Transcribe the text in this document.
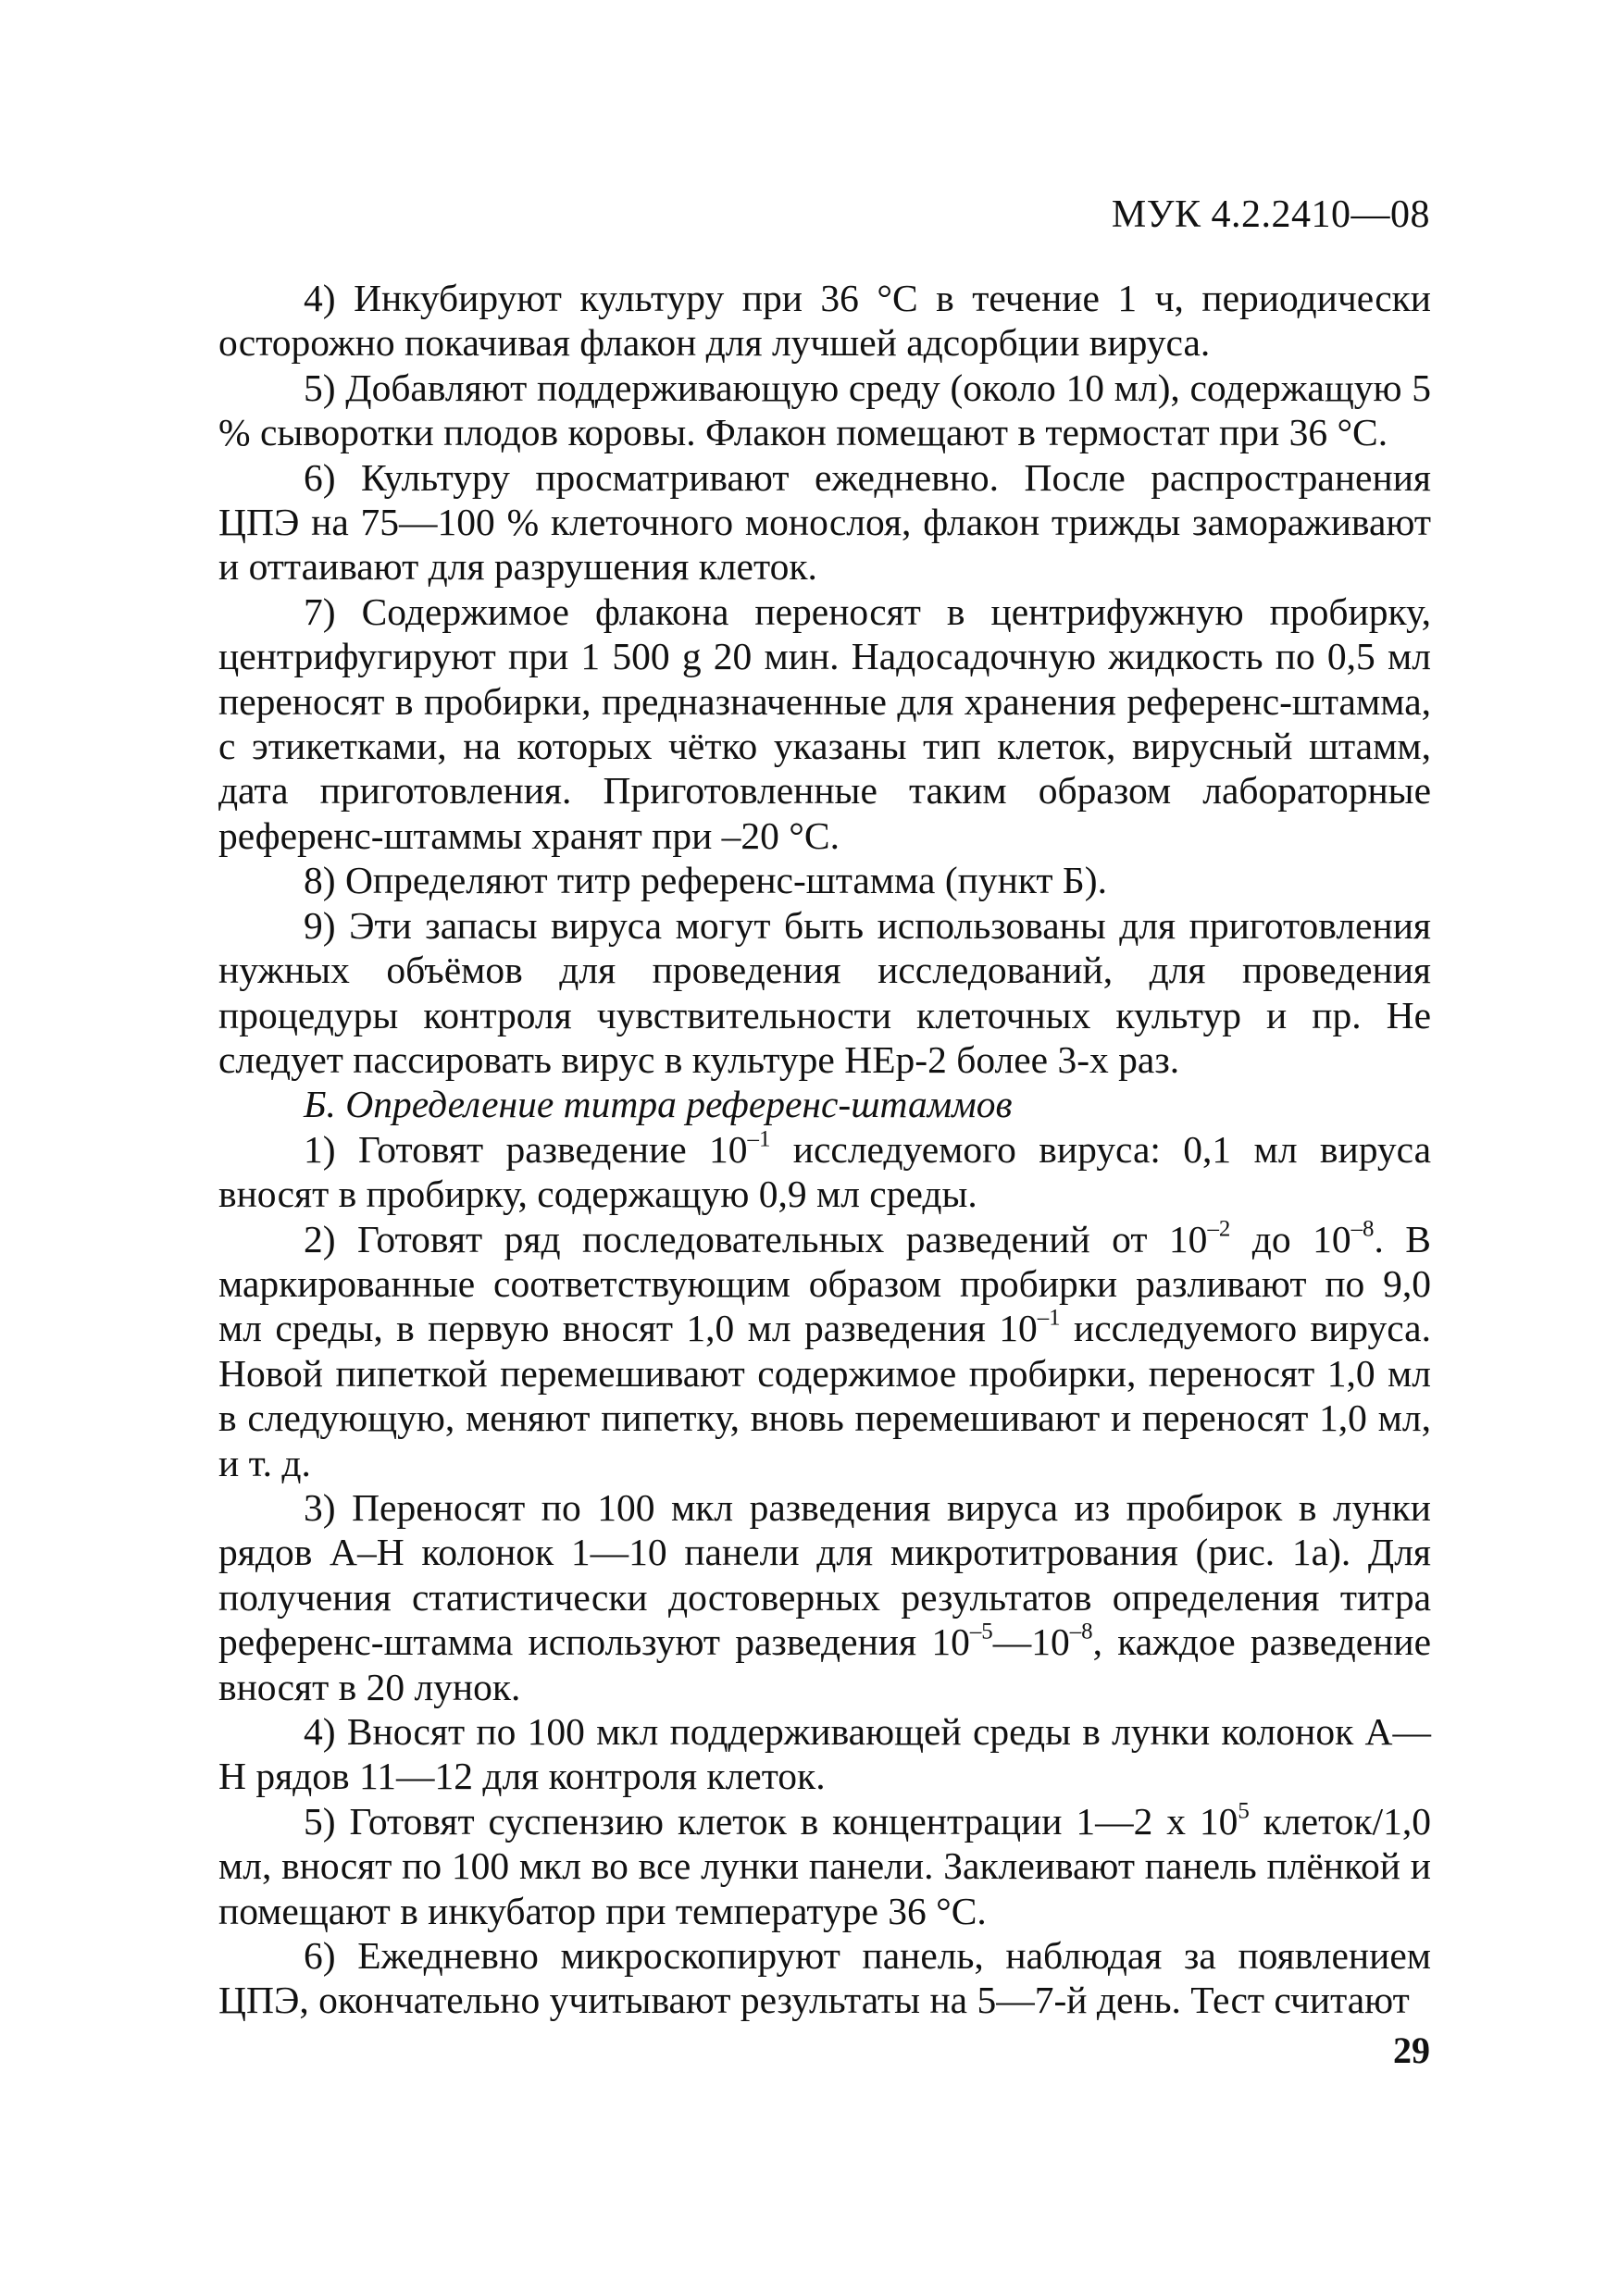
МУК 4.2.2410—08

4) Инкубируют культуру при 36 °С в течение 1 ч, периодически осторожно покачивая флакон для лучшей адсорбции вируса.

5) Добавляют поддерживающую среду (около 10 мл), содержащую 5 % сыворотки плодов коровы. Флакон помещают в термостат при 36 °С.

6) Культуру просматривают ежедневно. После распространения ЦПЭ на 75—100 % клеточного монослоя, флакон трижды замораживают и оттаивают для разрушения клеток.

7) Содержимое флакона переносят в центрифужную пробирку, центрифугируют при 1 500 g 20 мин. Надосадочную жидкость по 0,5 мл переносят в пробирки, предназначенные для хранения референс-штамма, с этикетками, на которых чётко указаны тип клеток, вирусный штамм, дата приготовления. Приготовленные таким образом лабораторные референс-штаммы хранят при –20 °С.

8) Определяют титр референс-штамма (пункт Б).

9) Эти запасы вируса могут быть использованы для приготовления нужных объёмов для проведения исследований, для проведения процедуры контроля чувствительности клеточных культур и пр. Не следует пассировать вирус в культуре НЕр-2 более 3-х раз.

Б. Определение титра референс-штаммов

1) Готовят разведение $10^{-1}$ исследуемого вируса: 0,1 мл вируса вносят в пробирку, содержащую 0,9 мл среды.

2) Готовят ряд последовательных разведений от $10^{-2}$ до $10^{-8}$. В маркированные соответствующим образом пробирки разливают по 9,0 мл среды, в первую вносят 1,0 мл разведения $10^{-1}$ исследуемого вируса. Новой пипеткой перемешивают содержимое пробирки, переносят 1,0 мл в следующую, меняют пипетку, вновь перемешивают и переносят 1,0 мл, и т. д.

3) Переносят по 100 мкл разведения вируса из пробирок в лунки рядов А–Н колонок 1—10 панели для микротитрования (рис. 1а). Для получения статистически достоверных результатов определения титра референс-штамма используют разведения $10^{-5}—10^{-8}$, каждое разведение вносят в 20 лунок.

4) Вносят по 100 мкл поддерживающей среды в лунки колонок А—Н рядов 11—12 для контроля клеток.

5) Готовят суспензию клеток в концентрации 1—2 х $10^5$ клеток/1,0 мл, вносят по 100 мкл во все лунки панели. Заклеивают панель плёнкой и помещают в инкубатор при температуре 36 °С.

6) Ежедневно микроскопируют панель, наблюдая за появлением ЦПЭ, окончательно учитывают результаты на 5—7-й день. Тест считают

29
